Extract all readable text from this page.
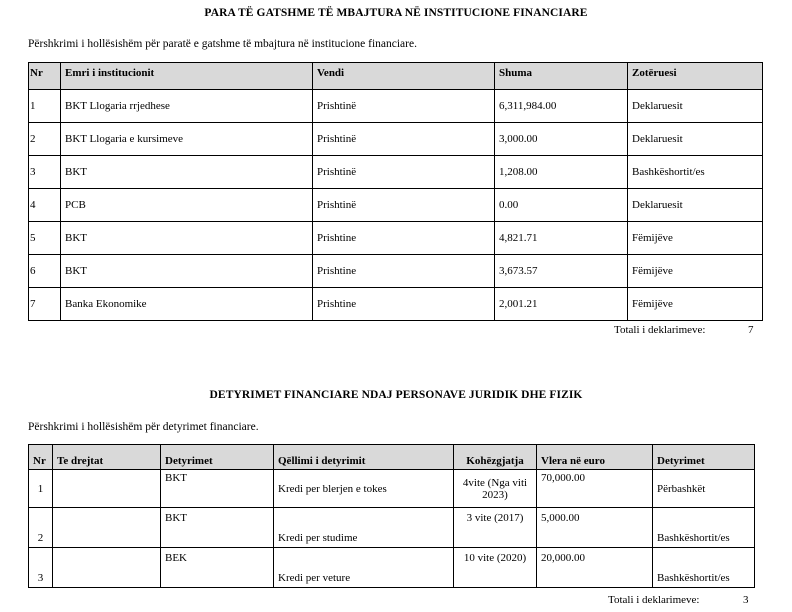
PARA TË GATSHME TË MBAJTURA NË INSTITUCIONE FINANCIARE
Përshkrimi i hollësishëm për paratë e gatshme të mbajtura në institucione financiare.
Nr	Emri i institucionit	Vendi	Shuma	Zotëruesi
1	BKT Llogaria rrjedhese	Prishtinë	6,311,984.00	Deklaruesit
2	BKT Llogaria e kursimeve	Prishtinë	3,000.00	Deklaruesit
3	BKT	Prishtinë	1,208.00	Bashkëshortit/es
4	PCB	Prishtinë	0.00	Deklaruesit
5	BKT	Prishtine	4,821.71	Fëmijëve
6	BKT	Prishtine	3,673.57	Fëmijëve
7	Banka Ekonomike	Prishtine	2,001.21	Fëmijëve
Totali i deklarimeve:	7
DETYRIMET FINANCIARE NDAJ PERSONAVE JURIDIK DHE FIZIK
Përshkrimi i hollësishëm për detyrimet financiare.
Nr	Te drejtat	Detyrimet	Qëllimi i detyrimit	Kohëzgjatja	Vlera në euro	Detyrimet
1		BKT	Kredi per blerjen e tokes	4vite (Nga viti 2023)	70,000.00	Përbashkët
2		BKT	Kredi per studime	3 vite (2017)	5,000.00	Bashkëshortit/es
3		BEK	Kredi per veture	10 vite (2020)	20,000.00	Bashkëshortit/es
Totali i deklarimeve:	3
